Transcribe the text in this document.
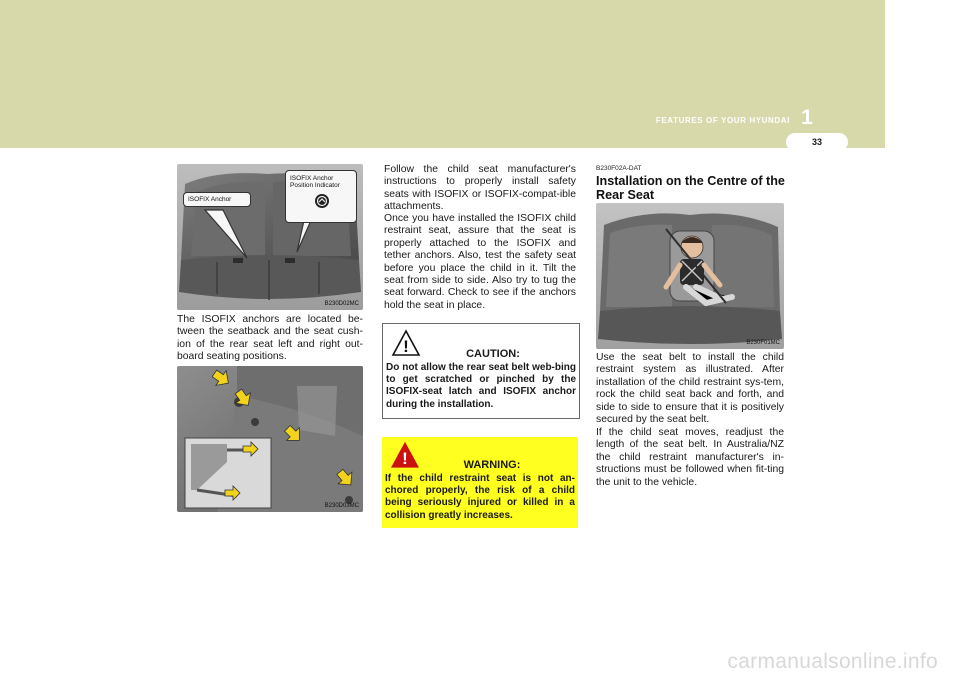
FEATURES OF YOUR HYUNDAI 1
33
ISOFIX Anchor
ISOFIX Anchor
Position Indicator
B230D02MC
The ISOFIX anchors are located be-tween the seatback and the seat cush-ion of the rear seat left and right out-board seating positions.
B230D03MC
Follow the child seat manufacturer's instructions to properly install safety seats with ISOFIX or ISOFIX-compat-ible attachments.
Once you have installed the ISOFIX child restraint seat, assure that the seat is properly attached to the ISOFIX and tether anchors. Also, test the safety seat before you place the child in it. Tilt the seat from side to side. Also try to tug the seat forward. Check to see if the anchors hold the seat in place.
!	CAUTION:
Do not allow the rear seat belt web-bing to get scratched or pinched by the ISOFIX-seat latch and ISOFIX anchor during the installation.
!	WARNING:
If the child restraint seat is not an-chored properly, the risk of a child being seriously injured or killed in a collision greatly increases.
B230F02A-DAT
Installation on the Centre of the Rear Seat
B230F01MC
Use the seat belt to install the child restraint system as illustrated. After installation of the child restraint sys-tem, rock the child seat back and forth, and side to side to ensure that it is positively secured by the seat belt.
If the child seat moves, readjust the length of the seat belt. In Australia/NZ the child restraint manufacturer's in-structions must be followed when fit-ting the unit to the vehicle.
carmanualsonline.info
